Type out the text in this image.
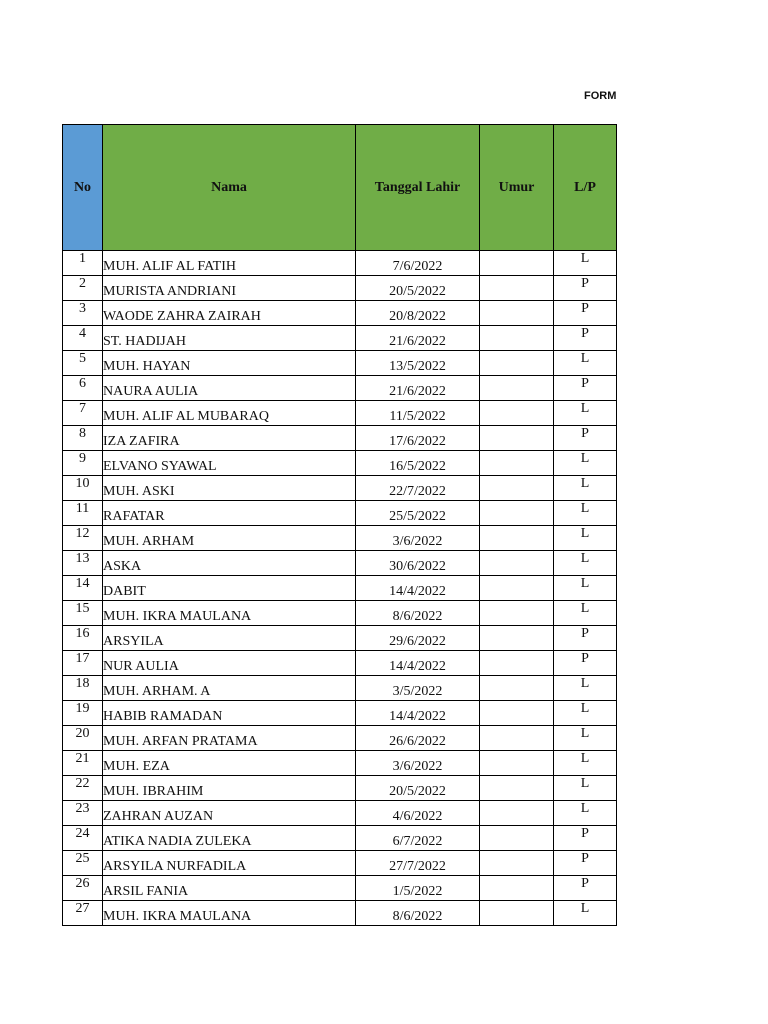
FORM
No	Nama	Tanggal Lahir	Umur	L/P
1	MUH. ALIF AL FATIH	7/6/2022		L
2	MURISTA ANDRIANI	20/5/2022		P
3	WAODE ZAHRA ZAIRAH	20/8/2022		P
4	ST. HADIJAH	21/6/2022		P
5	MUH. HAYAN	13/5/2022		L
6	NAURA AULIA	21/6/2022		P
7	MUH. ALIF AL MUBARAQ	11/5/2022		L
8	IZA ZAFIRA	17/6/2022		P
9	ELVANO SYAWAL	16/5/2022		L
10	MUH. ASKI	22/7/2022		L
11	RAFATAR	25/5/2022		L
12	MUH. ARHAM	3/6/2022		L
13	ASKA	30/6/2022		L
14	DABIT	14/4/2022		L
15	MUH. IKRA MAULANA	8/6/2022		L
16	ARSYILA	29/6/2022		P
17	NUR AULIA	14/4/2022		P
18	MUH. ARHAM. A	3/5/2022		L
19	HABIB RAMADAN	14/4/2022		L
20	MUH. ARFAN PRATAMA	26/6/2022		L
21	MUH. EZA	3/6/2022		L
22	MUH. IBRAHIM	20/5/2022		L
23	ZAHRAN AUZAN	4/6/2022		L
24	ATIKA NADIA ZULEKA	6/7/2022		P
25	ARSYILA NURFADILA	27/7/2022		P
26	ARSIL FANIA	1/5/2022		P
27	MUH. IKRA MAULANA	8/6/2022		L
